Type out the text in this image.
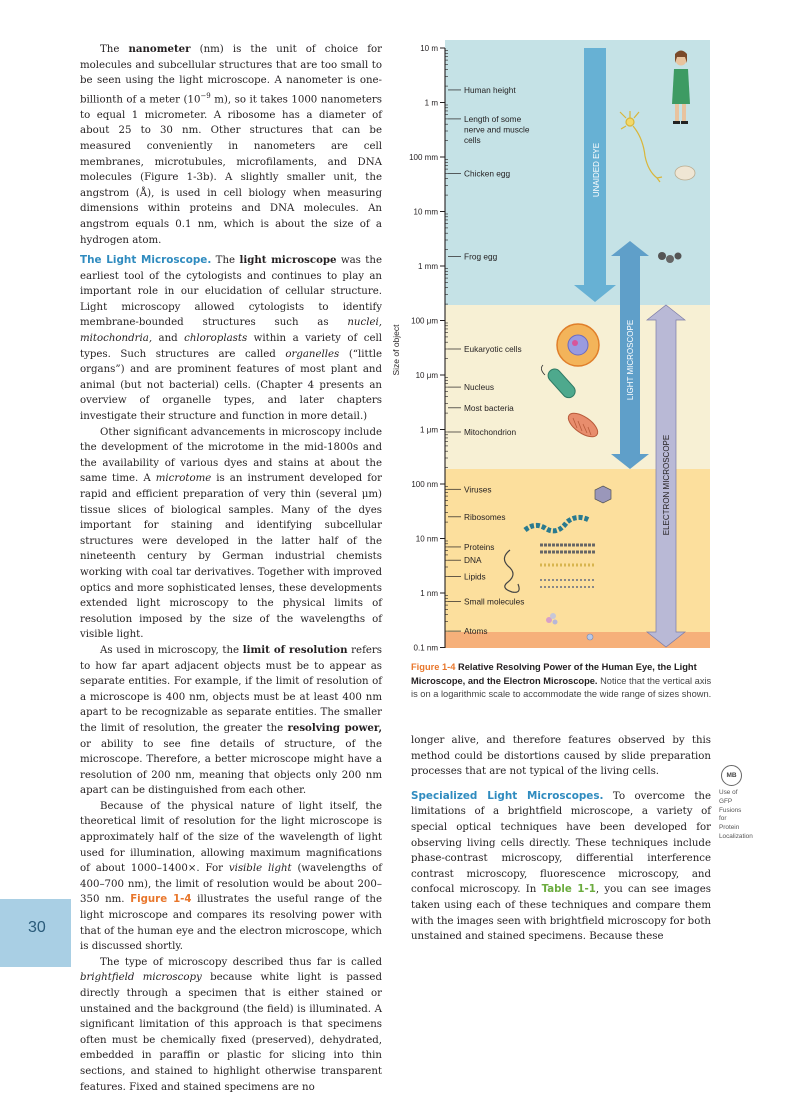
The nanometer (nm) is the unit of choice for molecules and subcellular structures that are too small to be seen using the light microscope. A nanometer is one-billionth of a meter ($10^{-9}$ m), so it takes 1000 nanometers to equal 1 micrometer. A ribosome has a diameter of about 25 to 30 nm. Other structures that can be measured conveniently in nanometers are cell membranes, microtubules, microfilaments, and DNA molecules (Figure 1-3b). A slightly smaller unit, the angstrom (Å), is used in cell biology when measuring dimensions within proteins and DNA molecules. An angstrom equals 0.1 nm, which is about the size of a hydrogen atom.

The Light Microscope. The light microscope was the earliest tool of the cytologists and continues to play an important role in our elucidation of cellular structure. Light microscopy allowed cytologists to identify membrane-bounded structures such as nuclei, mitochondria, and chloroplasts within a variety of cell types. Such structures are called organelles (“little organs”) and are prominent features of most plant and animal (but not bacterial) cells. (Chapter 4 presents an overview of organelle types, and later chapters investigate their structure and function in more detail.)

Other significant advancements in microscopy include the development of the microtome in the mid-1800s and the availability of various dyes and stains at about the same time. A microtome is an instrument developed for rapid and efficient preparation of very thin (several μm) tissue slices of biological samples. Many of the dyes important for staining and identifying subcellular structures were developed in the latter half of the nineteenth century by German industrial chemists working with coal tar derivatives. Together with improved optics and more sophisticated lenses, these developments extended light microscopy to the physical limits of resolution imposed by the size of the wavelengths of visible light.

As used in microscopy, the limit of resolution refers to how far apart adjacent objects must be to appear as separate entities. For example, if the limit of resolution of a microscope is 400 nm, objects must be at least 400 nm apart to be recognizable as separate entities. The smaller the limit of resolution, the greater the resolving power, or ability to see fine details of structure, of the microscope. Therefore, a better microscope might have a resolution of 200 nm, meaning that objects only 200 nm apart can be distinguished from each other.

Because of the physical nature of light itself, the theoretical limit of resolution for the light microscope is approximately half of the size of the wavelength of light used for illumination, allowing maximum magnifications of about 1000–1400×. For visible light (wavelengths of 400–700 nm), the limit of resolution would be about 200–350 nm. Figure 1-4 illustrates the useful range of the light microscope and compares its resolving power with that of the human eye and the electron microscope, which is discussed shortly.

The type of microscopy described thus far is called brightfield microscopy because white light is passed directly through a specimen that is either stained or unstained and the background (the field) is illuminated. A significant limitation of this approach is that specimens often must be chemically fixed (preserved), dehydrated, embedded in paraffin or plastic for slicing into thin sections, and stained to highlight otherwise transparent features. Fixed and stained specimens are no

longer alive, and therefore features observed by this method could be distortions caused by slide preparation processes that are not typical of the living cells.

Specialized Light Microscopes. To overcome the limitations of a brightfield microscope, a variety of special optical techniques have been developed for observing living cells directly. These techniques include phase-contrast microscopy, differential interference contrast microscopy, fluorescence microscopy, and confocal microscopy. In Table 1-1, you can see images taken using each of these techniques and compare them with the images seen with brightfield microscopy for both unstained and stained specimens. Because these

MB
Use of GFP Fusions for Protein Localization
30
10 m
1 m
100 mm
10 mm
1 mm
100 μm
10 μm
1 μm
100 nm
10 nm
1 nm
0.1 nm
Size of object
Human height
Length of some nerve and muscle cells
Chicken egg
Frog egg
Eukaryotic cells
Nucleus
Most bacteria
Mitochondrion
Viruses
Ribosomes
Proteins
DNA
Lipids
Small molecules
Atoms
UNAIDED EYE
LIGHT MICROSCOPE
ELECTRON MICROSCOPE
Figure 1-4 Relative Resolving Power of the Human Eye, the Light Microscope, and the Electron Microscope. Notice that the vertical axis is on a logarithmic scale to accommodate the wide range of sizes shown.
